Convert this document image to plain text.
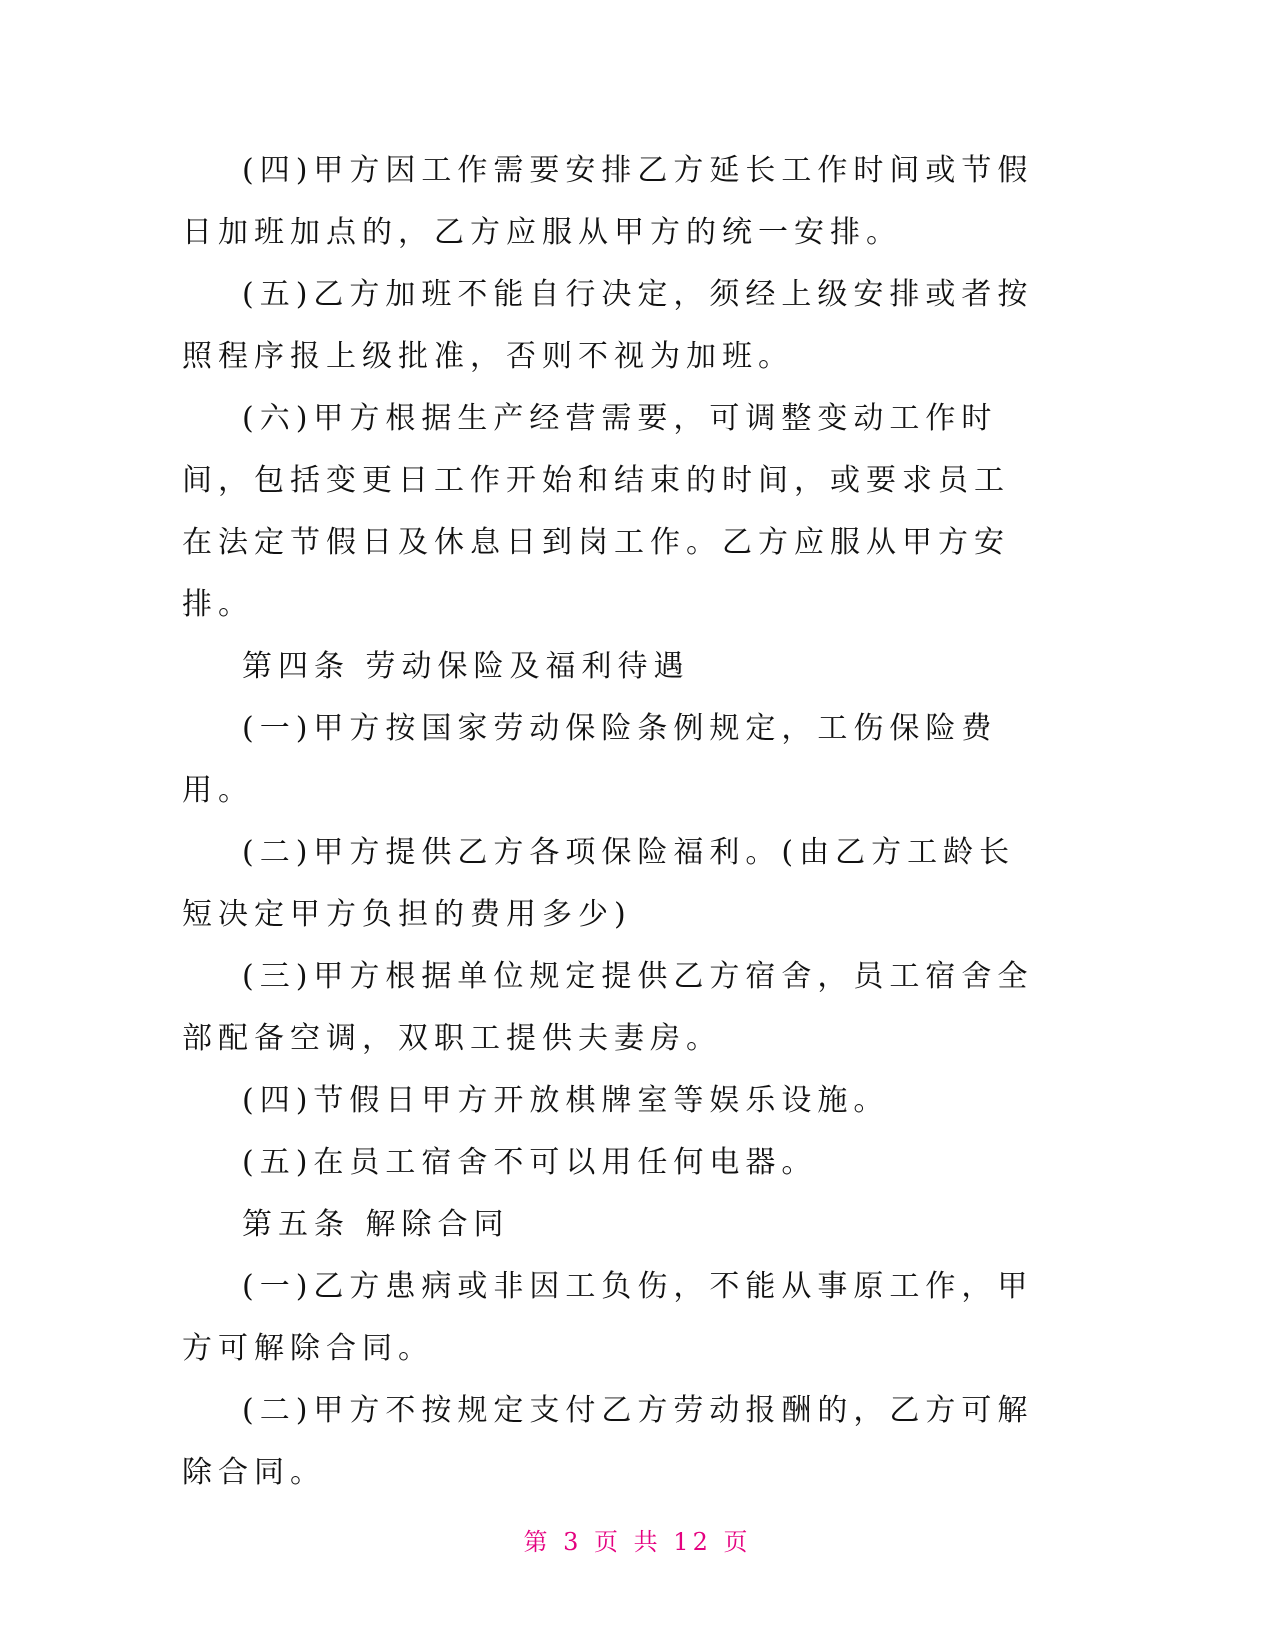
(四)甲方因工作需要安排乙方延长工作时间或节假日加班加点的，乙方应服从甲方的统一安排。

(五)乙方加班不能自行决定，须经上级安排或者按照程序报上级批准，否则不视为加班。

(六)甲方根据生产经营需要，可调整变动工作时间，包括变更日工作开始和结束的时间，或要求员工在法定节假日及休息日到岗工作。乙方应服从甲方安排。

第四条 劳动保险及福利待遇

(一)甲方按国家劳动保险条例规定，工伤保险费用。

(二)甲方提供乙方各项保险福利。(由乙方工龄长短决定甲方负担的费用多少)

(三)甲方根据单位规定提供乙方宿舍，员工宿舍全部配备空调，双职工提供夫妻房。

(四)节假日甲方开放棋牌室等娱乐设施。

(五)在员工宿舍不可以用任何电器。

第五条 解除合同

(一)乙方患病或非因工负伤，不能从事原工作，甲方可解除合同。

(二)甲方不按规定支付乙方劳动报酬的，乙方可解除合同。

第 3 页 共 12 页
